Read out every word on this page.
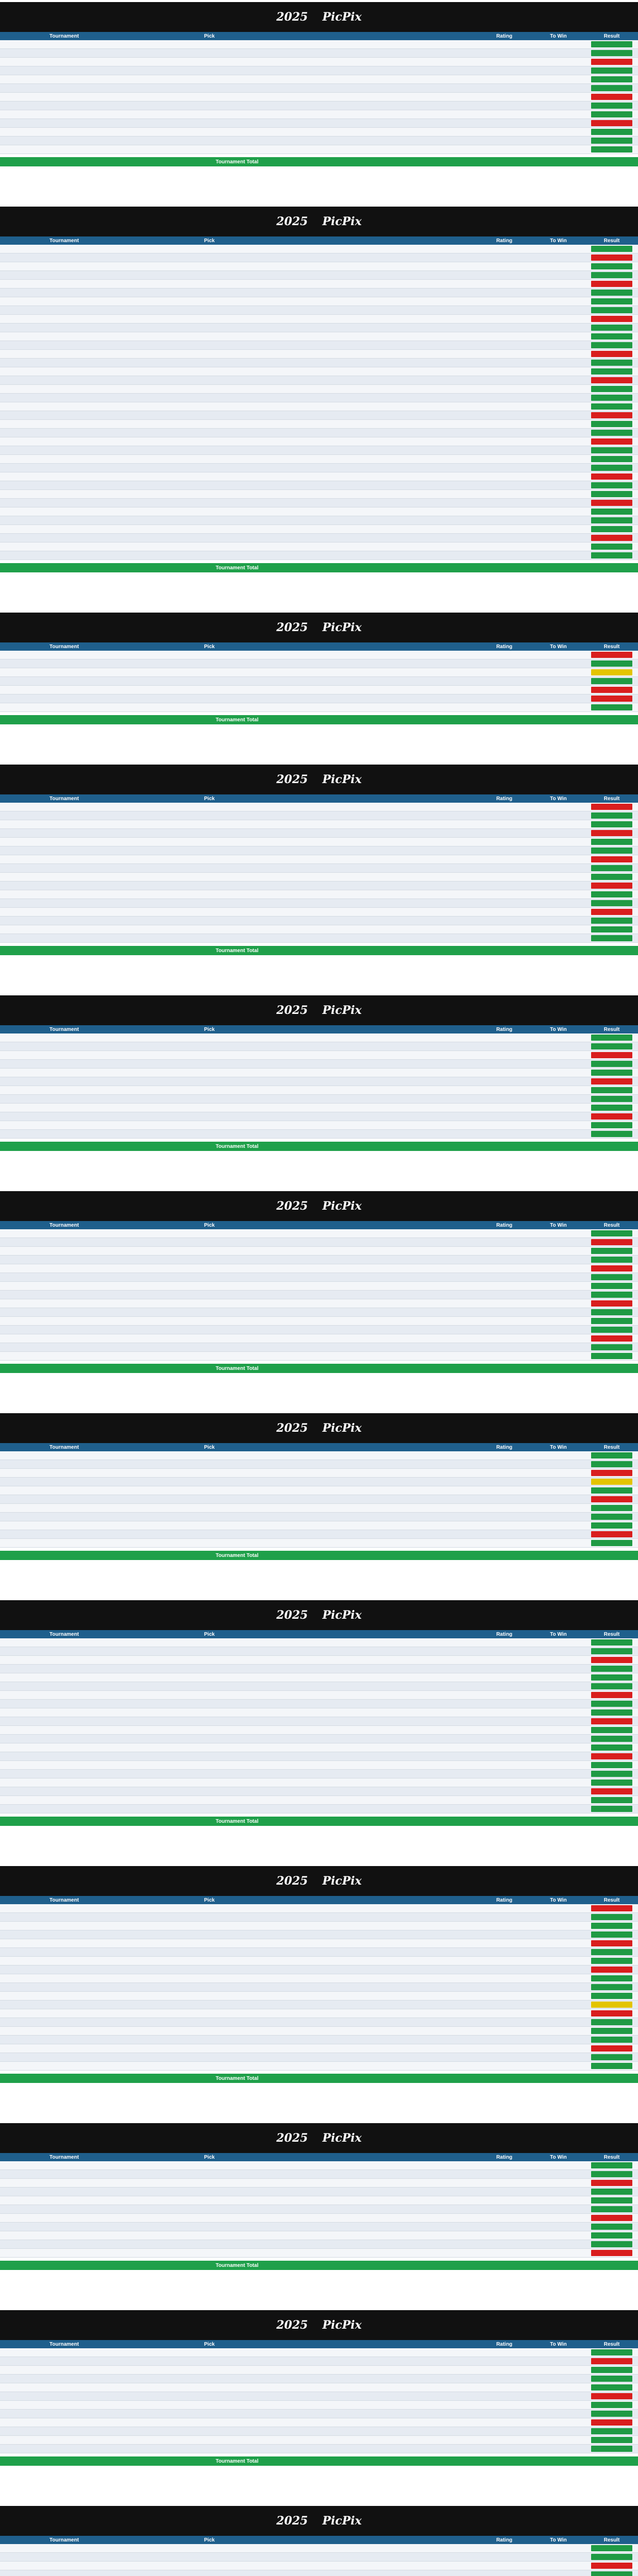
2025 PicPix
Tournament	Pick	Rating	To Win	Result
Tournament Total
2025 PicPix
Tournament	Pick	Rating	To Win	Result
Tournament Total
2025 PicPix
Tournament	Pick	Rating	To Win	Result
Tournament Total
2025 PicPix
Tournament	Pick	Rating	To Win	Result
Tournament Total
2025 PicPix
Tournament	Pick	Rating	To Win	Result
Tournament Total
2025 PicPix
Tournament	Pick	Rating	To Win	Result
Tournament Total
2025 PicPix
Tournament	Pick	Rating	To Win	Result
Tournament Total
2025 PicPix
Tournament	Pick	Rating	To Win	Result
Tournament Total
2025 PicPix
Tournament	Pick	Rating	To Win	Result
Tournament Total
2025 PicPix
Tournament	Pick	Rating	To Win	Result
Tournament Total
2025 PicPix
Tournament	Pick	Rating	To Win	Result
Tournament Total
2025 PicPix
Tournament	Pick	Rating	To Win	Result
